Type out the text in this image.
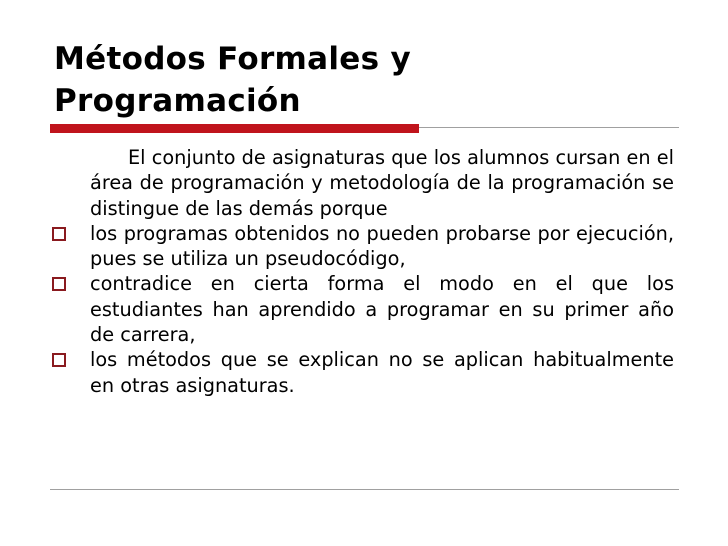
Métodos Formales y
Programación
El conjunto de asignaturas que los alumnos cursan en el área de programación y metodología de la programación se distingue de las demás porque
los programas obtenidos no pueden probarse por ejecución, pues se utiliza un pseudocódigo,
contradice en cierta forma el modo en el que los estudiantes han aprendido a programar en su primer año de carrera,
los métodos que se explican no se aplican habitualmente en otras asignaturas.
